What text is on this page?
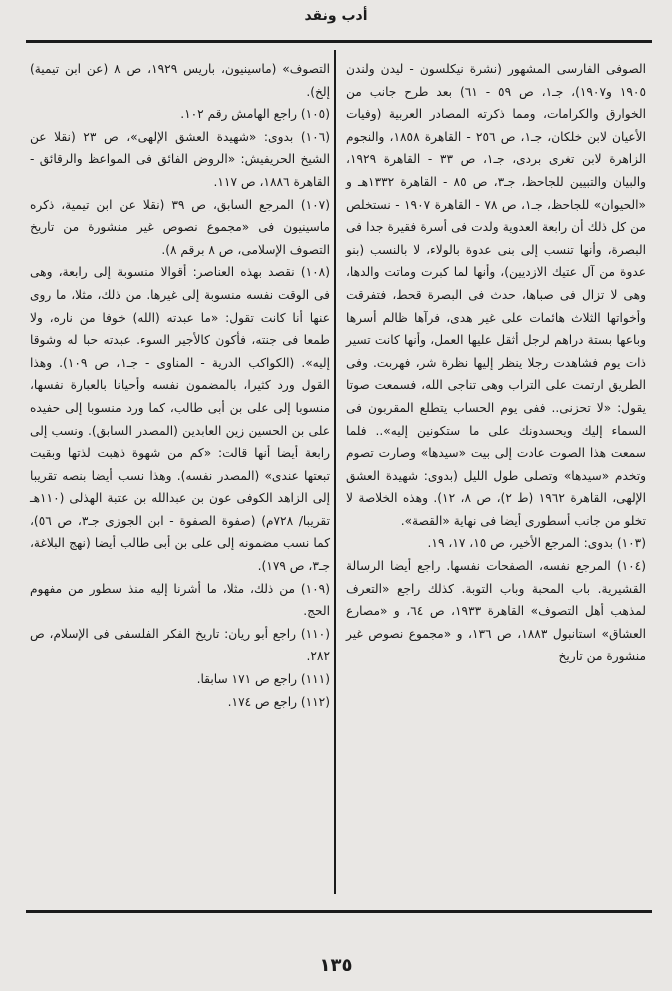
أدب ونقد

الصوفى الفارسى المشهور (نشرة نيكلسون - ليدن ولندن ١٩٠٥ و١٩٠٧)، جـ١، ص ٥٩ - ٦١) بعد طرح جانب من الخوارق والكرامات، ومما ذكرته المصادر العربية (وفيات الأعيان لابن خلكان، جـ١، ص ٢٥٦ - القاهرة ١٨٥٨، والنجوم الزاهرة لابن تغرى بردى، جـ١، ص ٣٣ - القاهرة ١٩٢٩، والبيان والتبيين للجاحظ، جـ٣، ص ٨٥ - القاهرة ١٣٣٢هـ و «الحيوان» للجاحظ، جـ١، ص ٧٨ - القاهرة ١٩٠٧ - نستخلص من كل ذلك أن رابعة العدوية ولدت فى أسرة فقيرة جدا فى البصرة، وأنها تنسب إلى بنى عدوة بالولاء، لا بالنسب (بنو عدوة من آل عتيك الازديين)، وأنها لما كبرت وماتت والدها، وهى لا تزال فى صباها، حدث فى البصرة قحط، فتفرقت وأخواتها الثلاث هائمات على غير هدى، فرآها ظالم أسرها وباعها بستة دراهم لرجل أثقل عليها العمل، وأنها كانت تسير ذات يوم فشاهدت رجلا ينظر إليها نظرة شر، فهربت. وفى الطريق ارتمت على التراب وهى تناجى الله، فسمعت صوتا يقول: «لا تحزنى.. ففى يوم الحساب يتطلع المقربون فى السماء إليك ويحسدونك على ما ستكونين إليه».. فلما سمعت هذا الصوت عادت إلى بيت «سيدها» وصارت تصوم وتخدم «سيدها» وتصلى طول الليل (بدوى: شهيدة العشق الإلهى، القاهرة ١٩٦٢ (ط ٢)، ص ٨، ١٢). وهذه الخلاصة لا تخلو من جانب أسطورى أيضا فى نهاية «القصة».

(١٠٣) بدوى: المرجع الأخير، ص ١٥، ١٧، ١٩.

(١٠٤) المرجع نفسه، الصفحات نفسها. راجع أيضا الرسالة القشيرية. باب المحبة وباب التوبة. كذلك راجع «التعرف لمذهب أهل التصوف» القاهرة ١٩٣٣، ص ٦٤، و «مصارع العشاق» استانبول ١٨٨٣، ص ١٣٦، و «مجموع نصوص غير منشورة من تاريخ

التصوف» (ماسينيون، باريس ١٩٢٩، ص ٨ (عن ابن تيمية) إلخ).

(١٠٥) راجع الهامش رقم ١٠٢.

(١٠٦) بدوى: «شهيدة العشق الإلهى»، ص ٢٣ (نقلا عن الشيخ الحريفيش: «الروض الفائق فى المواعظ والرقائق - القاهرة ١٨٨٦، ص ١١٧.

(١٠٧) المرجع السابق، ص ٣٩ (نقلا عن ابن تيمية، ذكره ماسينيون فى «مجموع نصوص غير منشورة من تاريخ التصوف الإسلامى، ص ٨ برقم ٨).

(١٠٨) نقصد بهذه العناصر: أقوالا منسوبة إلى رابعة، وهى فى الوقت نفسه منسوبة إلى غيرها. من ذلك، مثلا، ما روى عنها أنا كانت تقول: «ما عبدته (الله) خوفا من ناره، ولا طمعا فى جنته، فأكون كالأجير السوء. عبدته حبا له وشوقا إليه». (الكواكب الدرية - المناوى - جـ١، ص ١٠٩). وهذا القول ورد كثيرا، بالمضمون نفسه وأحيانا بالعبارة نفسها، منسوبا إلى على بن أبى طالب، كما ورد منسوبا إلى حفيده على بن الحسين زين العابدين (المصدر السابق). ونسب إلى رابعة أيضا أنها قالت: «كم من شهوة ذهبت لذتها وبقيت تبعتها عندى» (المصدر نفسه). وهذا نسب أيضا بنصه تقريبا إلى الزاهد الكوفى عون بن عبدالله بن عتبة الهذلى (١١٠هـ تقريبا/ ٧٢٨م) (صفوة الصفوة - ابن الجوزى جـ٣، ص ٥٦)، كما نسب مضمونه إلى على بن أبى طالب أيضا (نهج البلاغة، جـ٣، ص ١٧٩).

(١٠٩) من ذلك، مثلا، ما أشرنا إليه منذ سطور من مفهوم الحج.

(١١٠) راجع أبو ريان: تاريخ الفكر الفلسفى فى الإسلام، ص ٢٨٢.

(١١١) راجع ص ١٧١ سابقا.

(١١٢) راجع ص ١٧٤.

١٣٥
